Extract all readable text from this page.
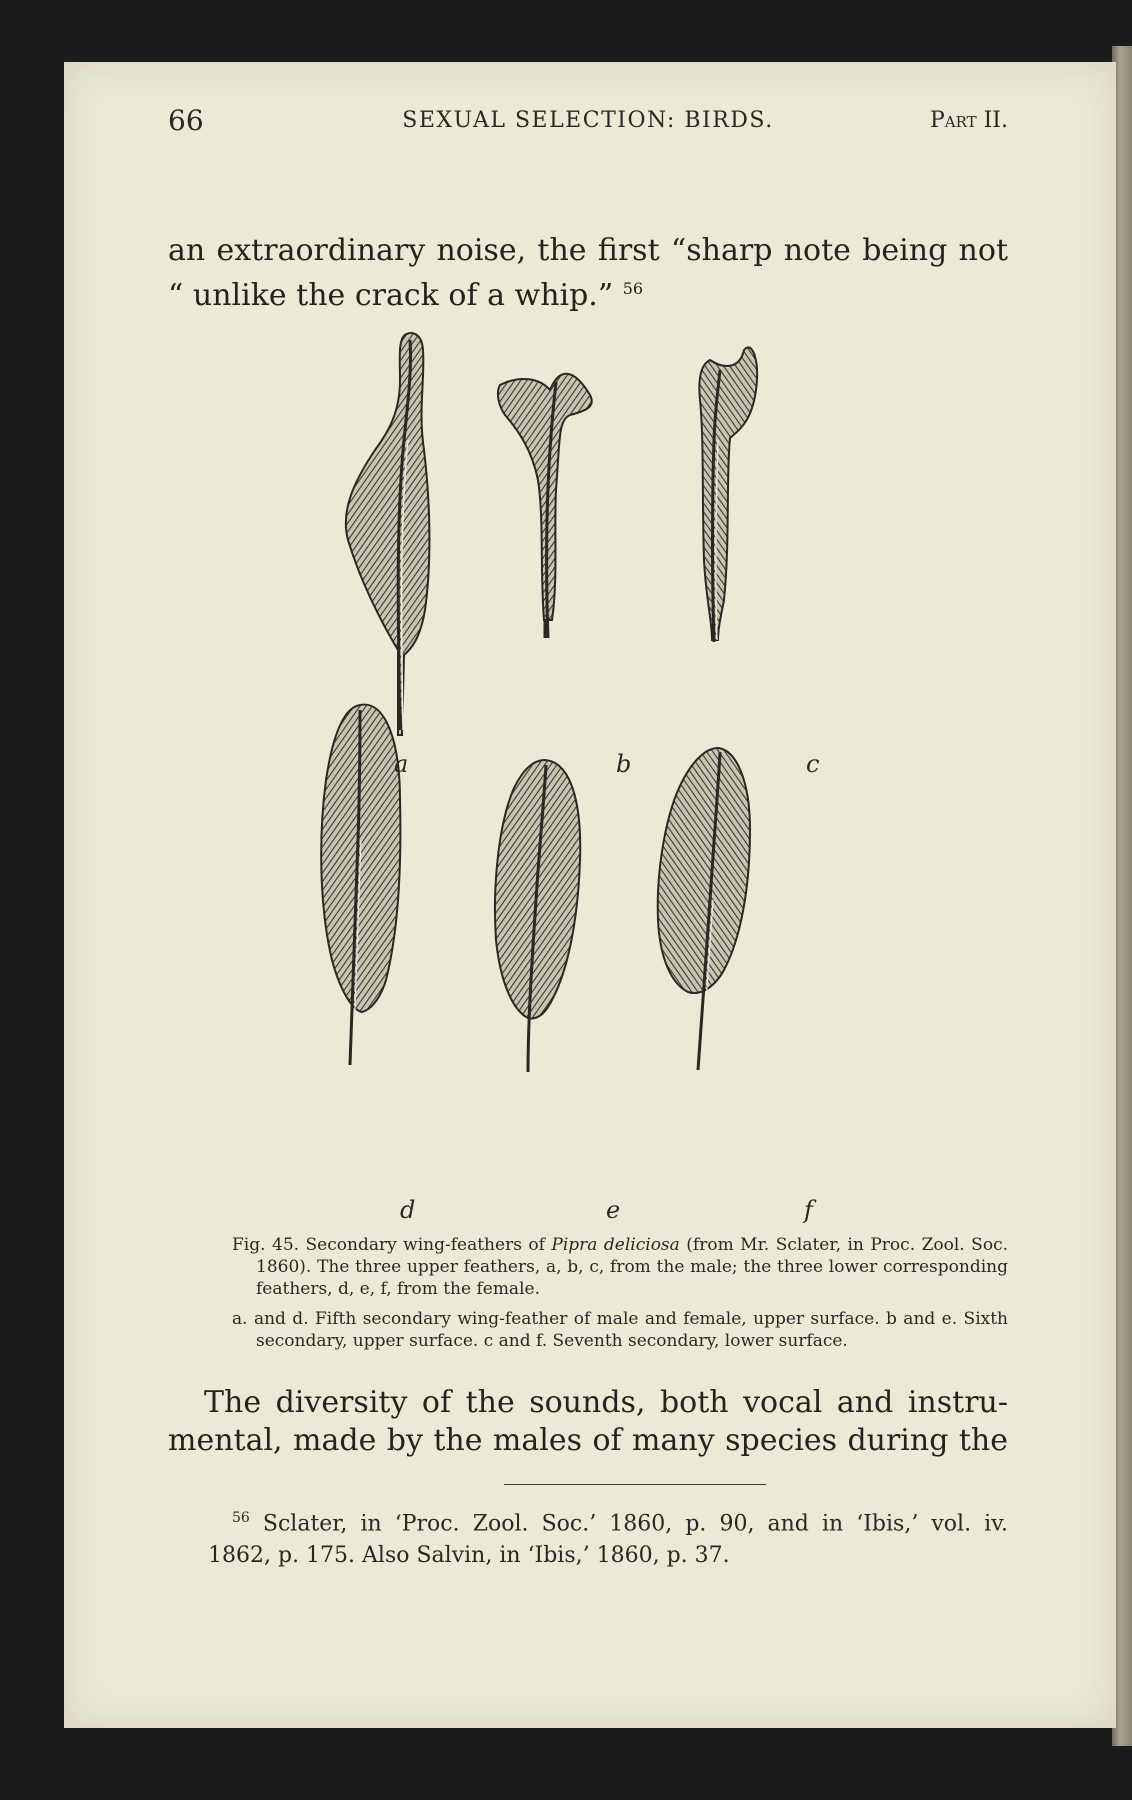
66	SEXUAL SELECTION: BIRDS.	Part II.
an extraordinary noise, the first “sharp note being not
“ unlike the crack of a whip.” $^{56}$
a	b	c
d	e	f
Fig. 45. Secondary wing-feathers of Pipra deliciosa (from Mr. Sclater, in Proc. Zool. Soc. 1860). The three upper feathers, a, b, c, from the male; the three lower corresponding feathers, d, e, f, from the female.
a. and d. Fifth secondary wing-feather of male and female, upper surface. b and e. Sixth secondary, upper surface. c and f. Seventh secondary, lower surface.
The diversity of the sounds, both vocal and instru-
mental, made by the males of many species during the
$^{56}$ Sclater, in ‘Proc. Zool. Soc.’ 1860, p. 90, and in ‘Ibis,’ vol. iv.
1862, p. 175. Also Salvin, in ‘Ibis,’ 1860, p. 37.
